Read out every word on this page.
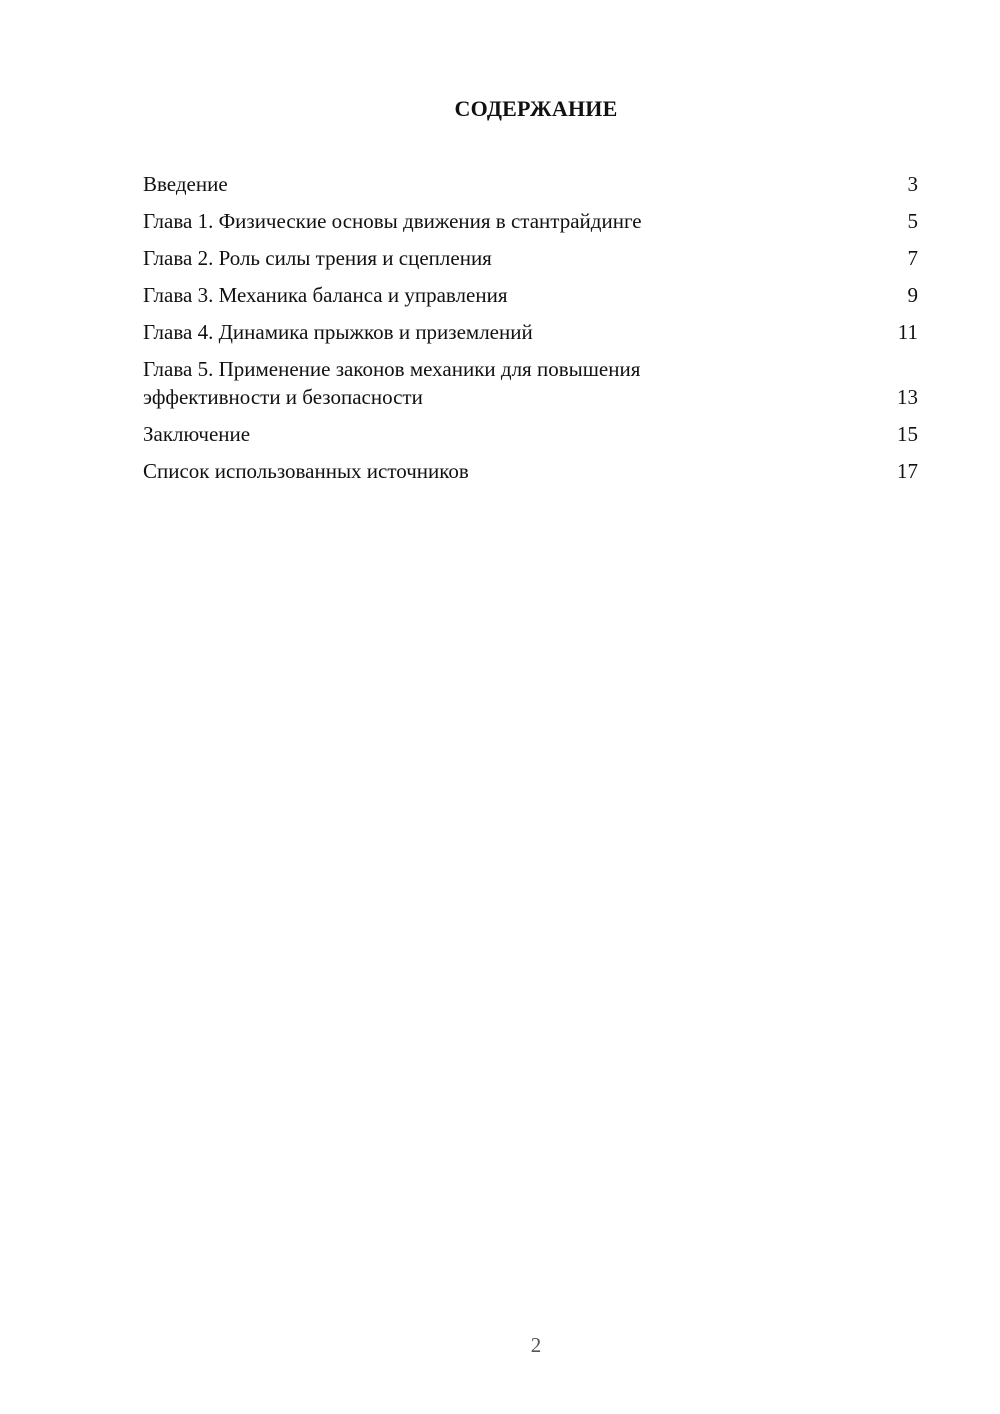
СОДЕРЖАНИЕ
Введение	3
Глава 1. Физические основы движения в стантрайдинге	5
Глава 2. Роль силы трения и сцепления	7
Глава 3. Механика баланса и управления	9
Глава 4. Динамика прыжков и приземлений	11
Глава 5. Применение законов механики для повышения эффективности и безопасности	13
Заключение	15
Список использованных источников	17
2
